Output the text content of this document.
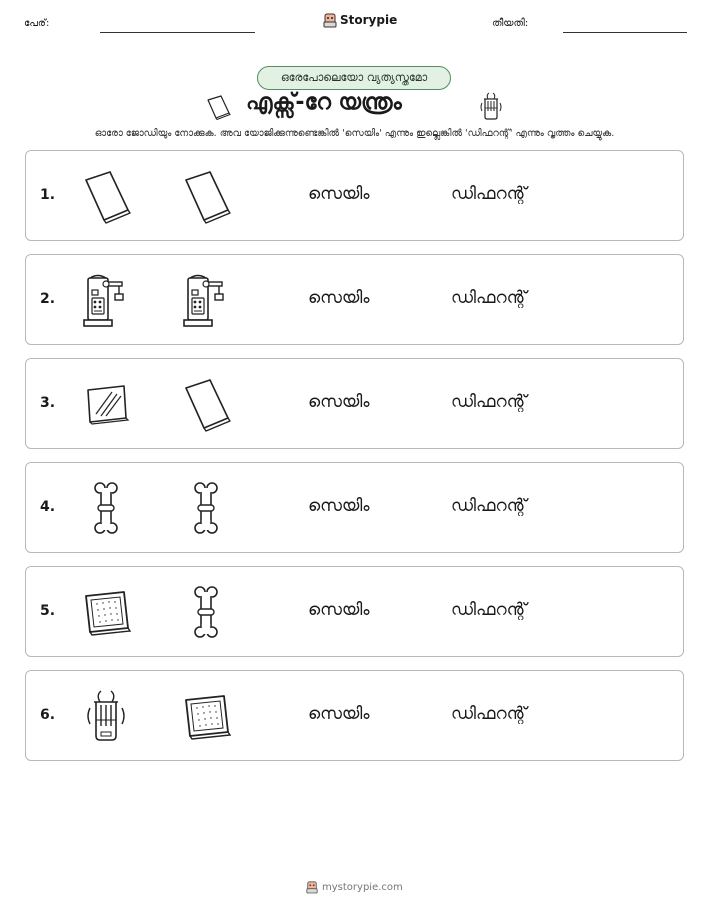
പേര്:	Storypie	തീയതി:
ഒരേപോലെയോ വ്യത്യസ്തമോ
എക്സ്-റേ യന്ത്രം
ഓരോ ജോഡിയും നോക്കുക. അവ യോജിക്കുന്നുണ്ടെങ്കിൽ 'സെയിം' എന്നും ഇല്ലെങ്കിൽ 'ഡിഫറന്റ്' എന്നും വൃത്തം ചെയ്യുക.
1.	സെയിം	ഡിഫറന്റ്
2.	സെയിം	ഡിഫറന്റ്
3.	സെയിം	ഡിഫറന്റ്
4.	സെയിം	ഡിഫറന്റ്
5.	സെയിം	ഡിഫറന്റ്
6.	സെയിം	ഡിഫറന്റ്
mystorypie.com
